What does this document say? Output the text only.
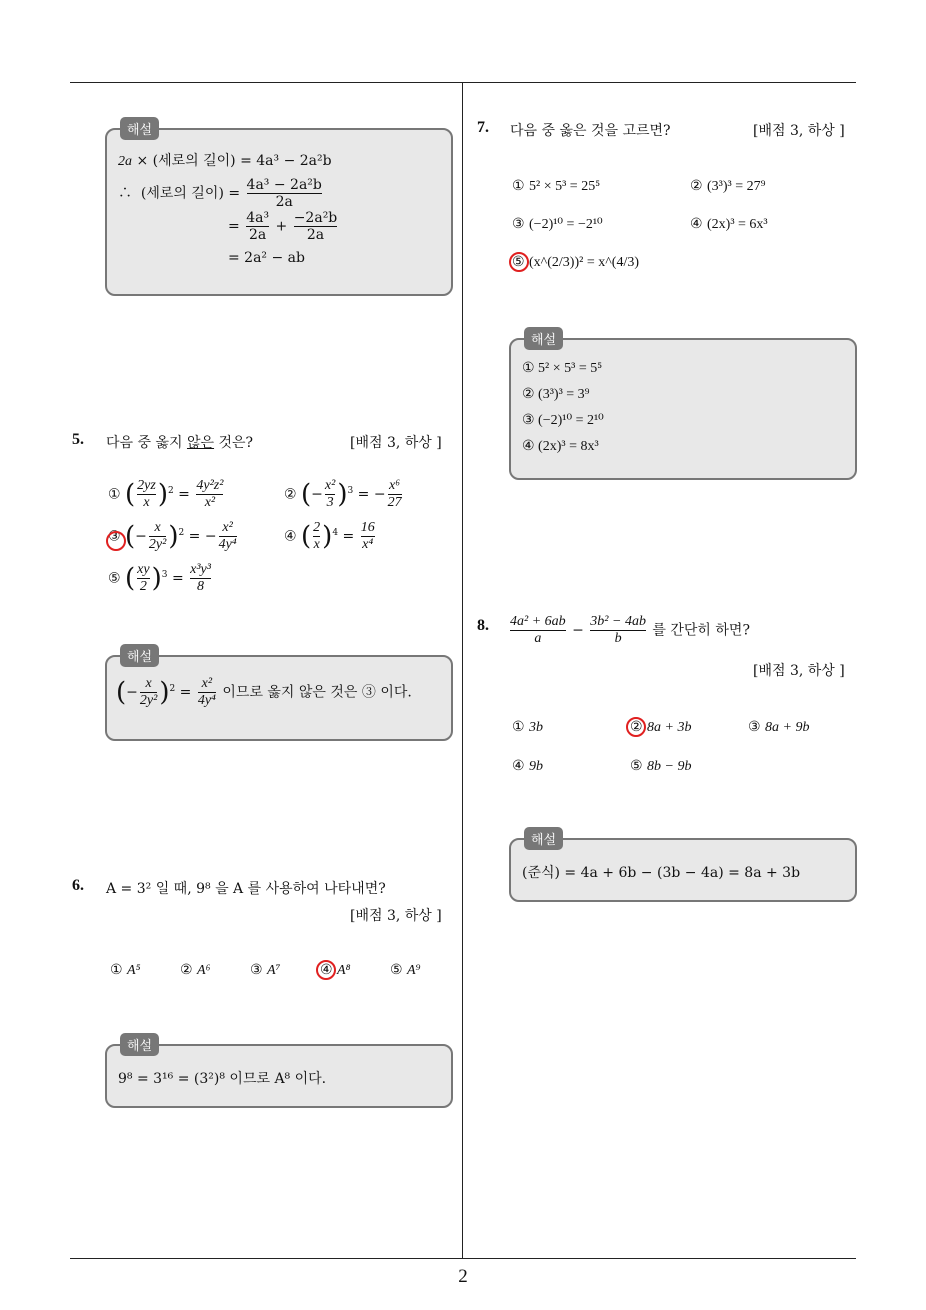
2
해설
2a × (세로의 길이) = 4a³ − 2a²b
∴ (세로의 길이) = $\frac{\text{4a³ − 2a²b}}{2a}$
= $\frac{\text{4a³}}{2a} + \frac{\text{−2a²b}}{2a}$
= 2a² − ab
5. 다음 중 옳지 않은 것은?	[배점 3, 하상 ]
① ( $\frac{2yz}{x} )^2 = \frac{\text{4y²z²}}{\text{x²}}$	② (− $\frac{\text{x²}}{3} )^3$ = − $\frac{\text{x⁶}}{27}$
③ (− $\frac{x}{\text{2y²}} )^2$ = − $\frac{\text{x²}}{\text{4y⁴}}$	④ ( $\frac{2}{x} )^4 = \frac{16}{\text{x⁴}}$
⑤ ( $\frac{xy}{2} )^3 = \frac{\text{x³y³}}{8}$
해설
(− $\frac{x}{\text{2y²}} )^2 = \frac{\text{x²}}{\text{4y⁴}}$ 이므로 옳지 않은 것은 ③ 이다.
6. A = 3² 일 때, 9⁸ 을 A 를 사용하여 나타내면?
[배점 3, 하상 ]
① A⁵	② A⁶	③ A⁷	④ A⁸	⑤ A⁹
해설
9⁸ = 3¹⁶ = (3²)⁸ 이므로 A⁸ 이다.
7. 다음 중 옳은 것을 고르면?	[배점 3, 하상 ]
① 5² × 5³ = 25⁵	② (3³)³ = 27⁹
③ (−2)¹⁰ = −2¹⁰	④ (2x)³ = 6x³
⑤ (x^(2/3))² = x^(4/3)
해설
① 5² × 5³ = 5⁵
② (3³)³ = 3⁹
③ (−2)¹⁰ = 2¹⁰
④ (2x)³ = 8x³
8. $\frac{\text{4a² + 6ab}}{a} - \frac{\text{3b² − 4ab}}{b}$ 를 간단히 하면?
[배점 3, 하상 ]
① 3b	② 8a + 3b	③ 8a + 9b
④ 9b	⑤ 8b − 9b
해설
(준식) = 4a + 6b − (3b − 4a) = 8a + 3b
